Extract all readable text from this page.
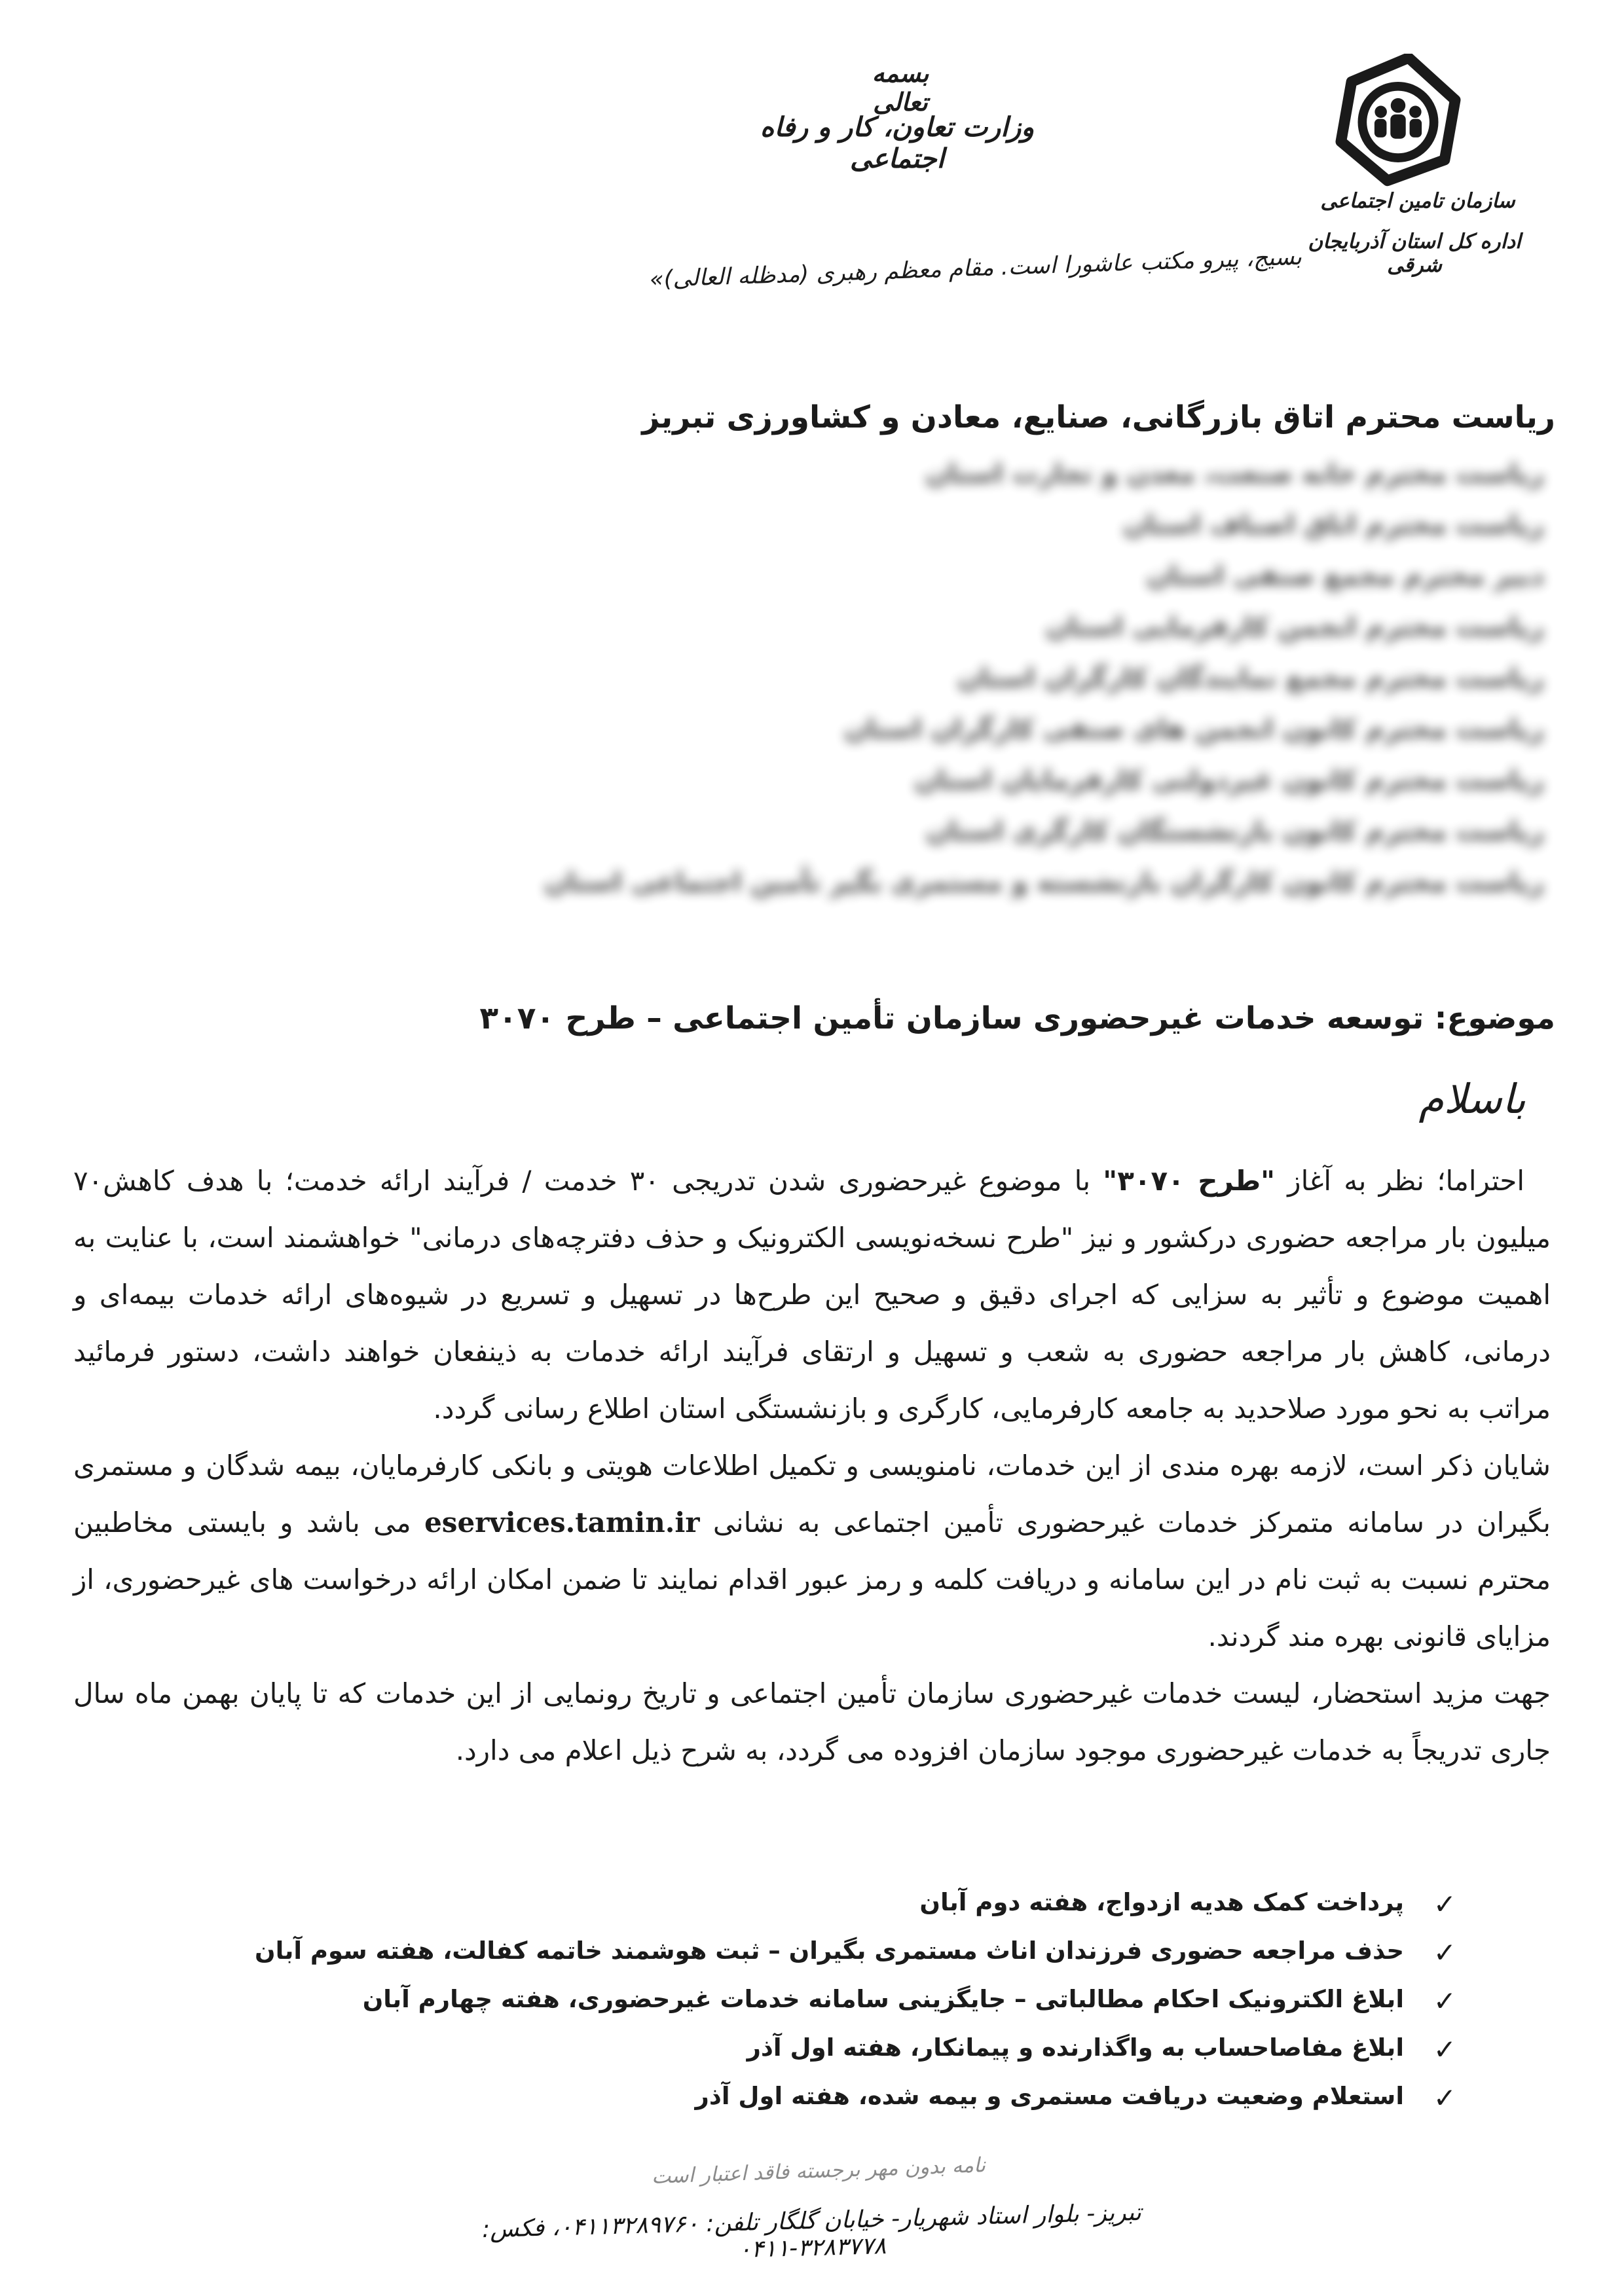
بسمه تعالی
وزارت تعاون، کار و رفاه اجتماعی
بسیج، پیرو مکتب عاشورا است. مقام معظم رهبری (مدظله العالی)»
سازمان تامین اجتماعی
اداره کل استان آذربایجان شرقی
ریاست محترم اتاق بازرگانی، صنایع، معادن و کشاورزی تبریز
ریاست محترم خانه صنعت، معدن و تجارت استان
ریاست محترم اتاق اصناف استان
دبیر محترم مجمع صنفی استان
ریاست محترم انجمن کارفرمایی استان
ریاست محترم مجمع نمایندگان کارگران استان
ریاست محترم کانون انجمن های صنفی کارگران استان
ریاست محترم کانون غیردولتی کارفرمایان استان
ریاست محترم کانون بازنشستگان کارگری استان
ریاست محترم کانون کارگران بازنشسته و مستمری بگیر تأمین اجتماعی استان
موضوع: توسعه خدمات غیرحضوری سازمان تأمین اجتماعی – طرح ۳۰۷۰
باسلام

احتراما؛ نظر به آغاز "طرح ۳۰۷۰" با موضوع غیرحضوری شدن تدریجی ۳۰ خدمت / فرآیند ارائه خدمت؛ با هدف کاهش۷۰ میلیون بار مراجعه حضوری درکشور و نیز "طرح نسخه‌نویسی الکترونیک و حذف دفترچه‌های درمانی" خواهشمند است، با عنایت به اهمیت موضوع و تأثیر به سزایی که اجرای دقیق و صحیح این طرح‌ها در تسهیل و تسریع در شیوه‌های ارائه خدمات بیمه‌ای و درمانی، کاهش بار مراجعه حضوری به شعب و تسهیل و ارتقای فرآیند ارائه خدمات به ذینفعان خواهند داشت، دستور فرمائید مراتب به نحو مورد صلاحدید به جامعه کارفرمایی، کارگری و بازنشستگی استان اطلاع رسانی گردد.

شایان ذکر است، لازمه بهره مندی از این خدمات، نامنویسی و تکمیل اطلاعات هویتی و بانکی کارفرمایان، بیمه شدگان و مستمری بگیران در سامانه متمرکز خدمات غیرحضوری تأمین اجتماعی به نشانی eservices.tamin.ir می باشد و بایستی مخاطبین محترم نسبت به ثبت نام در این سامانه و دریافت کلمه و رمز عبور اقدام نمایند تا ضمن امکان ارائه درخواست های غیرحضوری، از مزایای قانونی بهره مند گردند.

جهت مزید استحضار، لیست خدمات غیرحضوری سازمان تأمین اجتماعی و تاریخ رونمایی از این خدمات که تا پایان بهمن ماه سال جاری تدریجاً به خدمات غیرحضوری موجود سازمان افزوده می گردد، به شرح ذیل اعلام می دارد.

✓
پرداخت کمک هدیه ازدواج، هفته دوم آبان
✓
حذف مراجعه حضوری فرزندان اناث مستمری بگیران – ثبت هوشمند خاتمه کفالت، هفته سوم آبان
✓
ابلاغ الکترونیک احکام مطالباتی – جایگزینی سامانه خدمات غیرحضوری، هفته چهارم آبان
✓
ابلاغ مفاصاحساب به واگذارنده و پیمانکار، هفته اول آذر
✓
استعلام وضعیت دریافت مستمری و بیمه شده، هفته اول آذر
نامه بدون مهر برجسته فاقد اعتبار است
تبریز- بلوار استاد شهریار- خیابان گلگار تلفن: ۰۴۱۱۳۲۸۹۷۶۰، فکس: ۳۲۸۳۷۷۸-۰۴۱۱
